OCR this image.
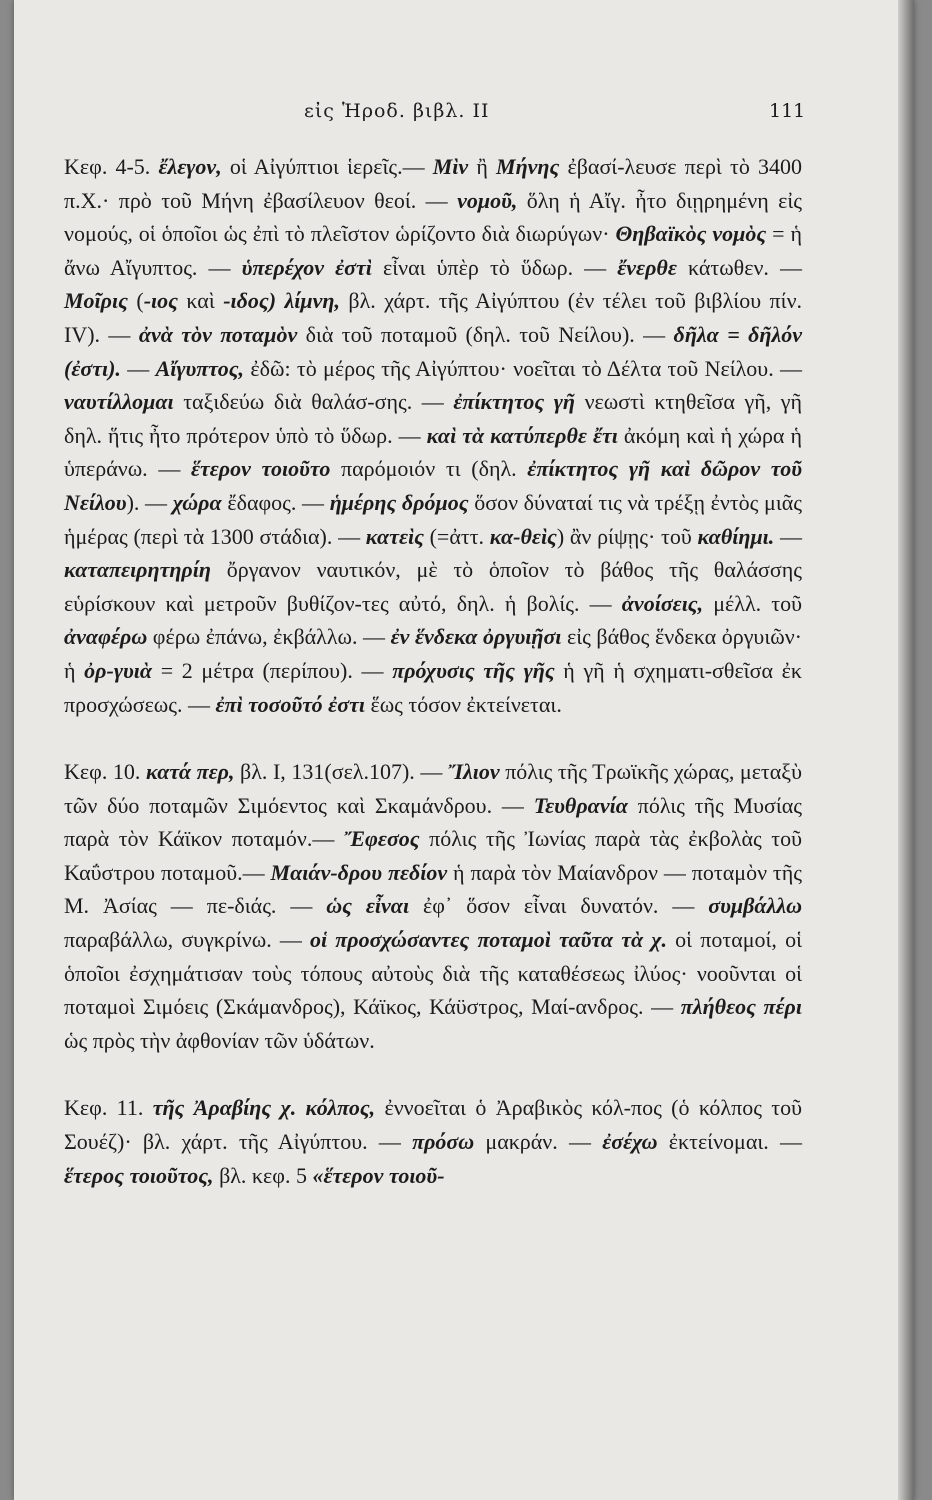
εἰς Ἡροδ. βιβλ. ΙΙ	111

Κεφ. 4-5. ἔλεγον, οἱ Αἰγύπτιοι ἱερεῖς.— Μὶν ἢ Μήνης ἐβασί-λευσε περὶ τὸ 3400 π.Χ.· πρὸ τοῦ Μήνη ἐβασίλευον θεοί. — νομοῦ, ὅλη ἡ Αἴγ. ἦτο διῃρημένη εἰς νομούς, οἱ ὁποῖοι ὡς ἐπὶ τὸ πλεῖστον ὡρίζοντο διὰ διωρύγων· Θηβαϊκὸς νομὸς = ἡ ἄνω Αἴγυπτος. — ὑπερέχον ἐστὶ εἶναι ὑπὲρ τὸ ὕδωρ. — ἔνερθε κάτωθεν. — Μοῖρις (-ιος καὶ -ιδος) λίμνη, βλ. χάρτ. τῆς Αἰγύπτου (ἐν τέλει τοῦ βιβλίου πίν. IV). — ἀνὰ τὸν ποταμὸν διὰ τοῦ ποταμοῦ (δηλ. τοῦ Νείλου). — δῆλα = δῆλόν (ἐστι). — Αἴγυπτος, ἐδῶ: τὸ μέρος τῆς Αἰγύπτου· νοεῖται τὸ Δέλτα τοῦ Νείλου. — ναυτίλλομαι ταξιδεύω διὰ θαλάσ-σης. — ἐπίκτητος γῆ νεωστὶ κτηθεῖσα γῆ, γῆ δηλ. ἥτις ἦτο πρότερον ὑπὸ τὸ ὕδωρ. — καὶ τὰ κατύπερθε ἔτι ἀκόμη καὶ ἡ χώρα ἡ ὑπεράνω. — ἕτερον τοιοῦτο παρόμοιόν τι (δηλ. ἐπίκτητος γῆ καὶ δῶρον τοῦ Νείλου). — χώρα ἔδαφος. — ἡμέρης δρόμος ὅσον δύναταί τις νὰ τρέξῃ ἐντὸς μιᾶς ἡμέρας (περὶ τὰ 1300 στάδια). — κατεὶς (=ἀττ. κα-θεὶς) ἂν ρίψῃς· τοῦ καθίημι. — καταπειρητηρίη ὄργανον ναυτικόν, μὲ τὸ ὁποῖον τὸ βάθος τῆς θαλάσσης εὑρίσκουν καὶ μετροῦν βυθίζον-τες αὐτό, δηλ. ἡ βολίς. — ἀνοίσεις, μέλλ. τοῦ ἀναφέρω φέρω ἐπάνω, ἐκβάλλω. — ἐν ἕνδεκα ὀργυιῇσι εἰς βάθος ἕνδεκα ὀργυιῶν· ἡ ὀρ-γυιὰ = 2 μέτρα (περίπου). — πρόχυσις τῆς γῆς ἡ γῆ ἡ σχηματι-σθεῖσα ἐκ προσχώσεως. — ἐπὶ τοσοῦτό ἐστι ἕως τόσον ἐκτείνεται.

Κεφ. 10. κατά περ, βλ. Ι, 131(σελ.107). — Ἴλιον πόλις τῆς Τρωϊκῆς χώρας, μεταξὺ τῶν δύο ποταμῶν Σιμόεντος καὶ Σκαμάνδρου. — Τευθρανία πόλις τῆς Μυσίας παρὰ τὸν Κάϊκον ποταμόν.— Ἔφεσος πόλις τῆς Ἰωνίας παρὰ τὰς ἐκβολὰς τοῦ Καΰστρου ποταμοῦ.— Μαιάν-δρου πεδίον ἡ παρὰ τὸν Μαίανδρον — ποταμὸν τῆς Μ. Ἀσίας — πε-διάς. — ὡς εἶναι ἐφ᾽ ὅσον εἶναι δυνατόν. — συμβάλλω παραβάλλω, συγκρίνω. — οἱ προσχώσαντες ποταμοὶ ταῦτα τὰ χ. οἱ ποταμοί, οἱ ὁποῖοι ἐσχημάτισαν τοὺς τόπους αὐτοὺς διὰ τῆς καταθέσεως ἰλύος· νοοῦνται οἱ ποταμοὶ Σιμόεις (Σκάμανδρος), Κάϊκος, Κάϋστρος, Μαί-ανδρος. — πλήθεος πέρι ὡς πρὸς τὴν ἀφθονίαν τῶν ὑδάτων.

Κεφ. 11. τῆς Ἀραβίης χ. κόλπος, ἐννοεῖται ὁ Ἀραβικὸς κόλ-πος (ὁ κόλπος τοῦ Σουέζ)· βλ. χάρτ. τῆς Αἰγύπτου. — πρόσω μακράν. — ἐσέχω ἐκτείνομαι. — ἕτερος τοιοῦτος, βλ. κεφ. 5 «ἕτερον τοιοῦ-
